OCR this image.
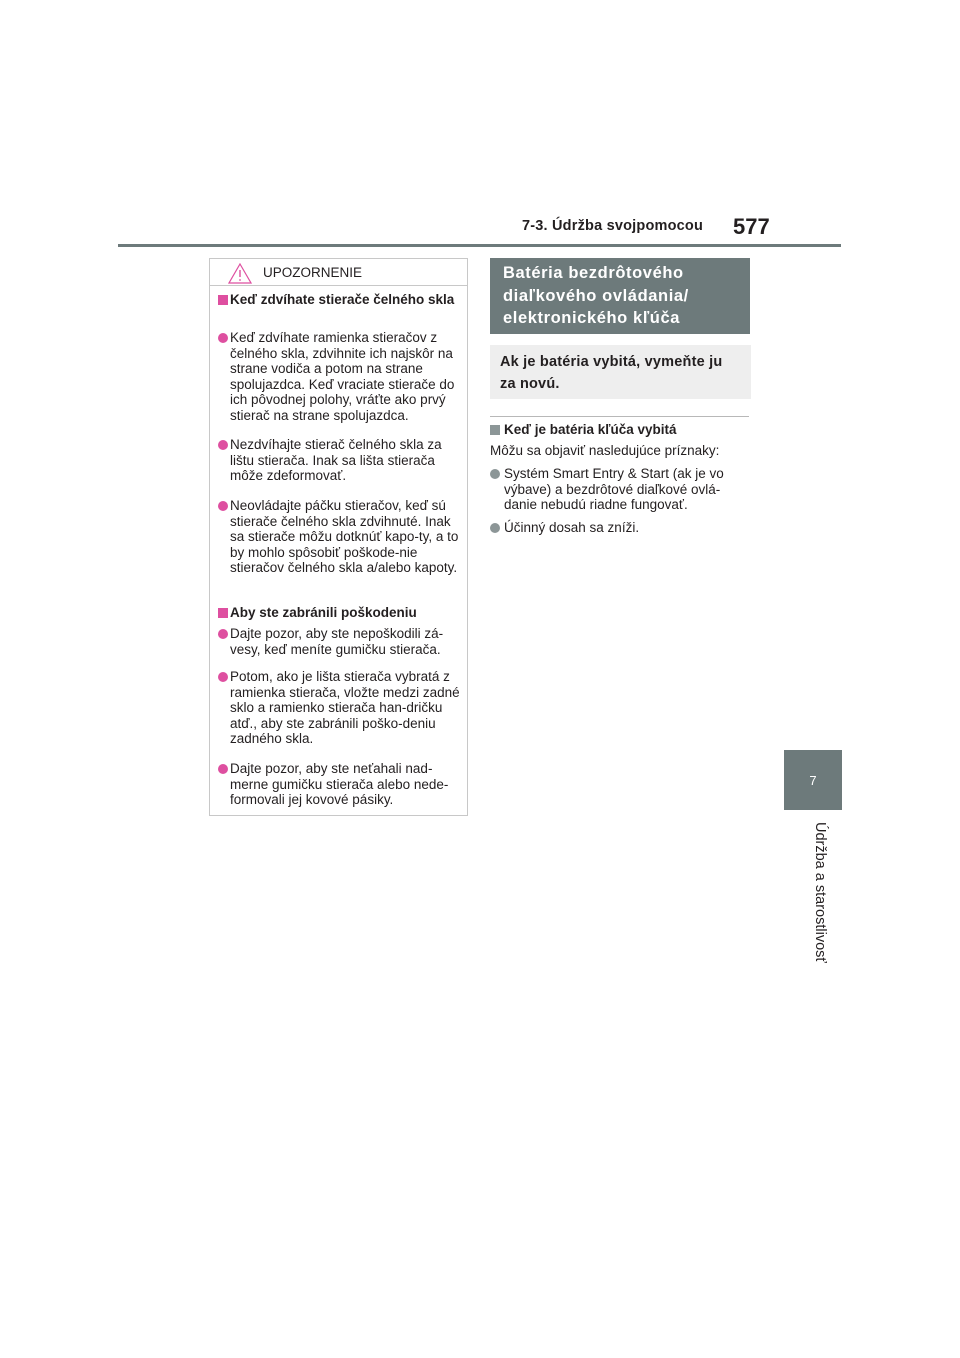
7-3. Údržba svojpomocou 577
7
Údržba a starostlivosť
UPOZORNENIE
Keď zdvíhate stierače čelného skla
Keď zdvíhate ramienka stieračov z čelného skla, zdvihnite ich najskôr na strane vodiča a potom na strane spolujazdca. Keď vraciate stierače do ich pôvodnej polohy, vráťte ako prvý stierač na strane spolujazdca.
Nezdvíhajte stierač čelného skla za lištu stierača. Inak sa lišta stierača môže zdeformovať.
Neovládajte páčku stieračov, keď sú stierače čelného skla zdvihnuté. Inak sa stierače môžu dotknúť kapo-ty, a to by mohlo spôsobiť poškode-nie stieračov čelného skla a/alebo kapoty.
Aby ste zabránili poškodeniu
Dajte pozor, aby ste nepoškodili zá-vesy, keď meníte gumičku stierača.
Potom, ako je lišta stierača vybratá z ramienka stierača, vložte medzi zadné sklo a ramienko stierača han-dričku atď., aby ste zabránili poško-deniu zadného skla.
Dajte pozor, aby ste neťahali nad-merne gumičku stierača alebo nede-formovali jej kovové pásiky.
Batéria bezdrôtového
diaľkového ovládania/
elektronického kľúča
Ak je batéria vybitá, vymeňte ju
za novú.
Keď je batéria kľúča vybitá
Môžu sa objaviť nasledujúce príznaky:
Systém Smart Entry & Start (ak je vo výbave) a bezdrôtové diaľkové ovlá-danie nebudú riadne fungovať.
Účinný dosah sa zníži.
